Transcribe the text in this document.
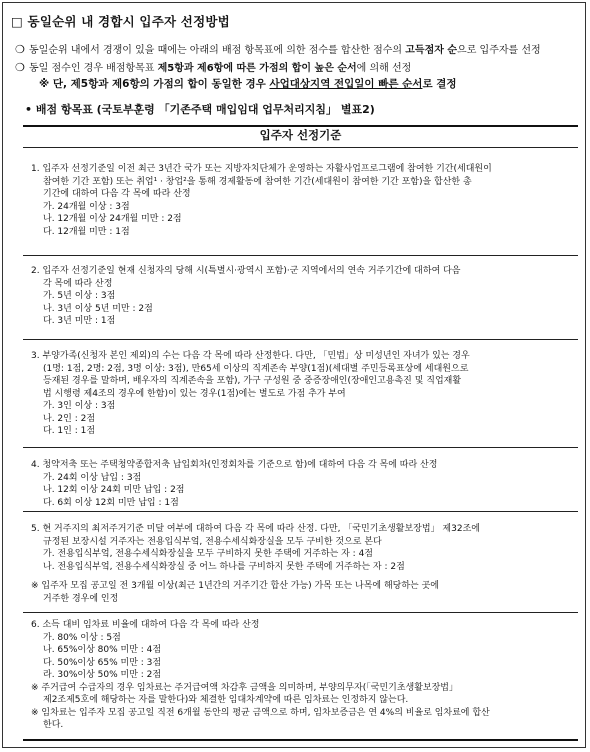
□ 동일순위 내 경합시 입주자 선정방법
❍ 동일순위 내에서 경쟁이 있을 때에는 아래의 배점 항목표에 의한 점수를 합산한 점수의 고득점자 순으로 입주자를 선정
❍ 동일 점수인 경우 배점항목표 제5항과 제6항에 따른 가점의 합이 높은 순서에 의해 선정
※ 단, 제5항과 제6항의 가점의 합이 동일한 경우 사업대상지역 전입일이 빠른 순서로 결정
• 배점 항목표 (국토부훈령 「기존주택 매입임대 업무처리지침」 별표2)
입주자 선정기준
1. 입주자 선정기준일 이전 최근 3년간 국가 또는 지방자치단체가 운영하는 자활사업프로그램에 참여한 기간(세대원이
참여한 기간 포함) 또는 취업¹ · 창업²을 통해 경제활동에 참여한 기간(세대원이 참여한 기간 포함)을 합산한 총
기간에 대하여 다음 각 목에 따라 산정
가. 24개월 이상 : 3점
나. 12개월 이상 24개월 미만 : 2점
다. 12개월 미만 : 1점
2. 입주자 선정기준일 현재 신청자의 당해 시(특별시·광역시 포함)·군 지역에서의 연속 거주기간에 대하여 다음
각 목에 따라 산정
가. 5년 이상 : 3점
나. 3년 이상 5년 미만 : 2점
다. 3년 미만 : 1점
3. 부양가족(신청자 본인 제외)의 수는 다음 각 목에 따라 산정한다. 다만, 「민법」상 미성년인 자녀가 있는 경우
(1명: 1점, 2명: 2점, 3명 이상: 3점), 만65세 이상의 직계존속 부양(1점)(세대별 주민등록표상에 세대원으로
등재된 경우를 말하며, 배우자의 직계존속을 포함), 가구 구성원 중 중증장애인(장애인고용촉진 및 직업재활
법 시행령 제4조의 경우에 한함)이 있는 경우(1점)에는 별도로 가점 추가 부여
가. 3인 이상 : 3점
나. 2인 : 2점
다. 1인 : 1점
4. 청약저축 또는 주택청약종합저축 납입회차(인정회차를 기준으로 함)에 대하여 다음 각 목에 따라 산정
가. 24회 이상 납입 : 3점
나. 12회 이상 24회 미만 납입 : 2점
다. 6회 이상 12회 미만 납입 : 1점
5. 현 거주지의 최저주거기준 미달 여부에 대하여 다음 각 목에 따라 산정. 다만, 「국민기초생활보장법」 제32조에
규정된 보장시설 거주자는 전용입식부엌, 전용수세식화장실을 모두 구비한 것으로 본다
가. 전용입식부엌, 전용수세식화장실을 모두 구비하지 못한 주택에 거주하는 자 : 4점
나. 전용입식부엌, 전용수세식화장실 중 어느 하나를 구비하지 못한 주택에 거주하는 자 : 2점
※ 입주자 모집 공고일 전 3개월 이상(최근 1년간의 거주기간 합산 가능) 가목 또는 나목에 해당하는 곳에
거주한 경우에 인정
6. 소득 대비 임차료 비율에 대하여 다음 각 목에 따라 산정
가. 80% 이상 : 5점
나. 65%이상 80% 미만 : 4점
다. 50%이상 65% 미만 : 3점
라. 30%이상 50% 미만 : 2점
※ 주거급여 수급자의 경우 임차료는 주거급여액 차감후 금액을 의미하며, 부양의무자(「국민기초생활보장법」
제2조제5호에 해당하는 자를 말한다)와 체결한 임대차계약에 따른 임차료는 인정하지 않는다.
※ 임차료는 입주자 모집 공고일 직전 6개월 동안의 평균 금액으로 하며, 임차보증금은 연 4%의 비율로 임차료에 합산
한다.
